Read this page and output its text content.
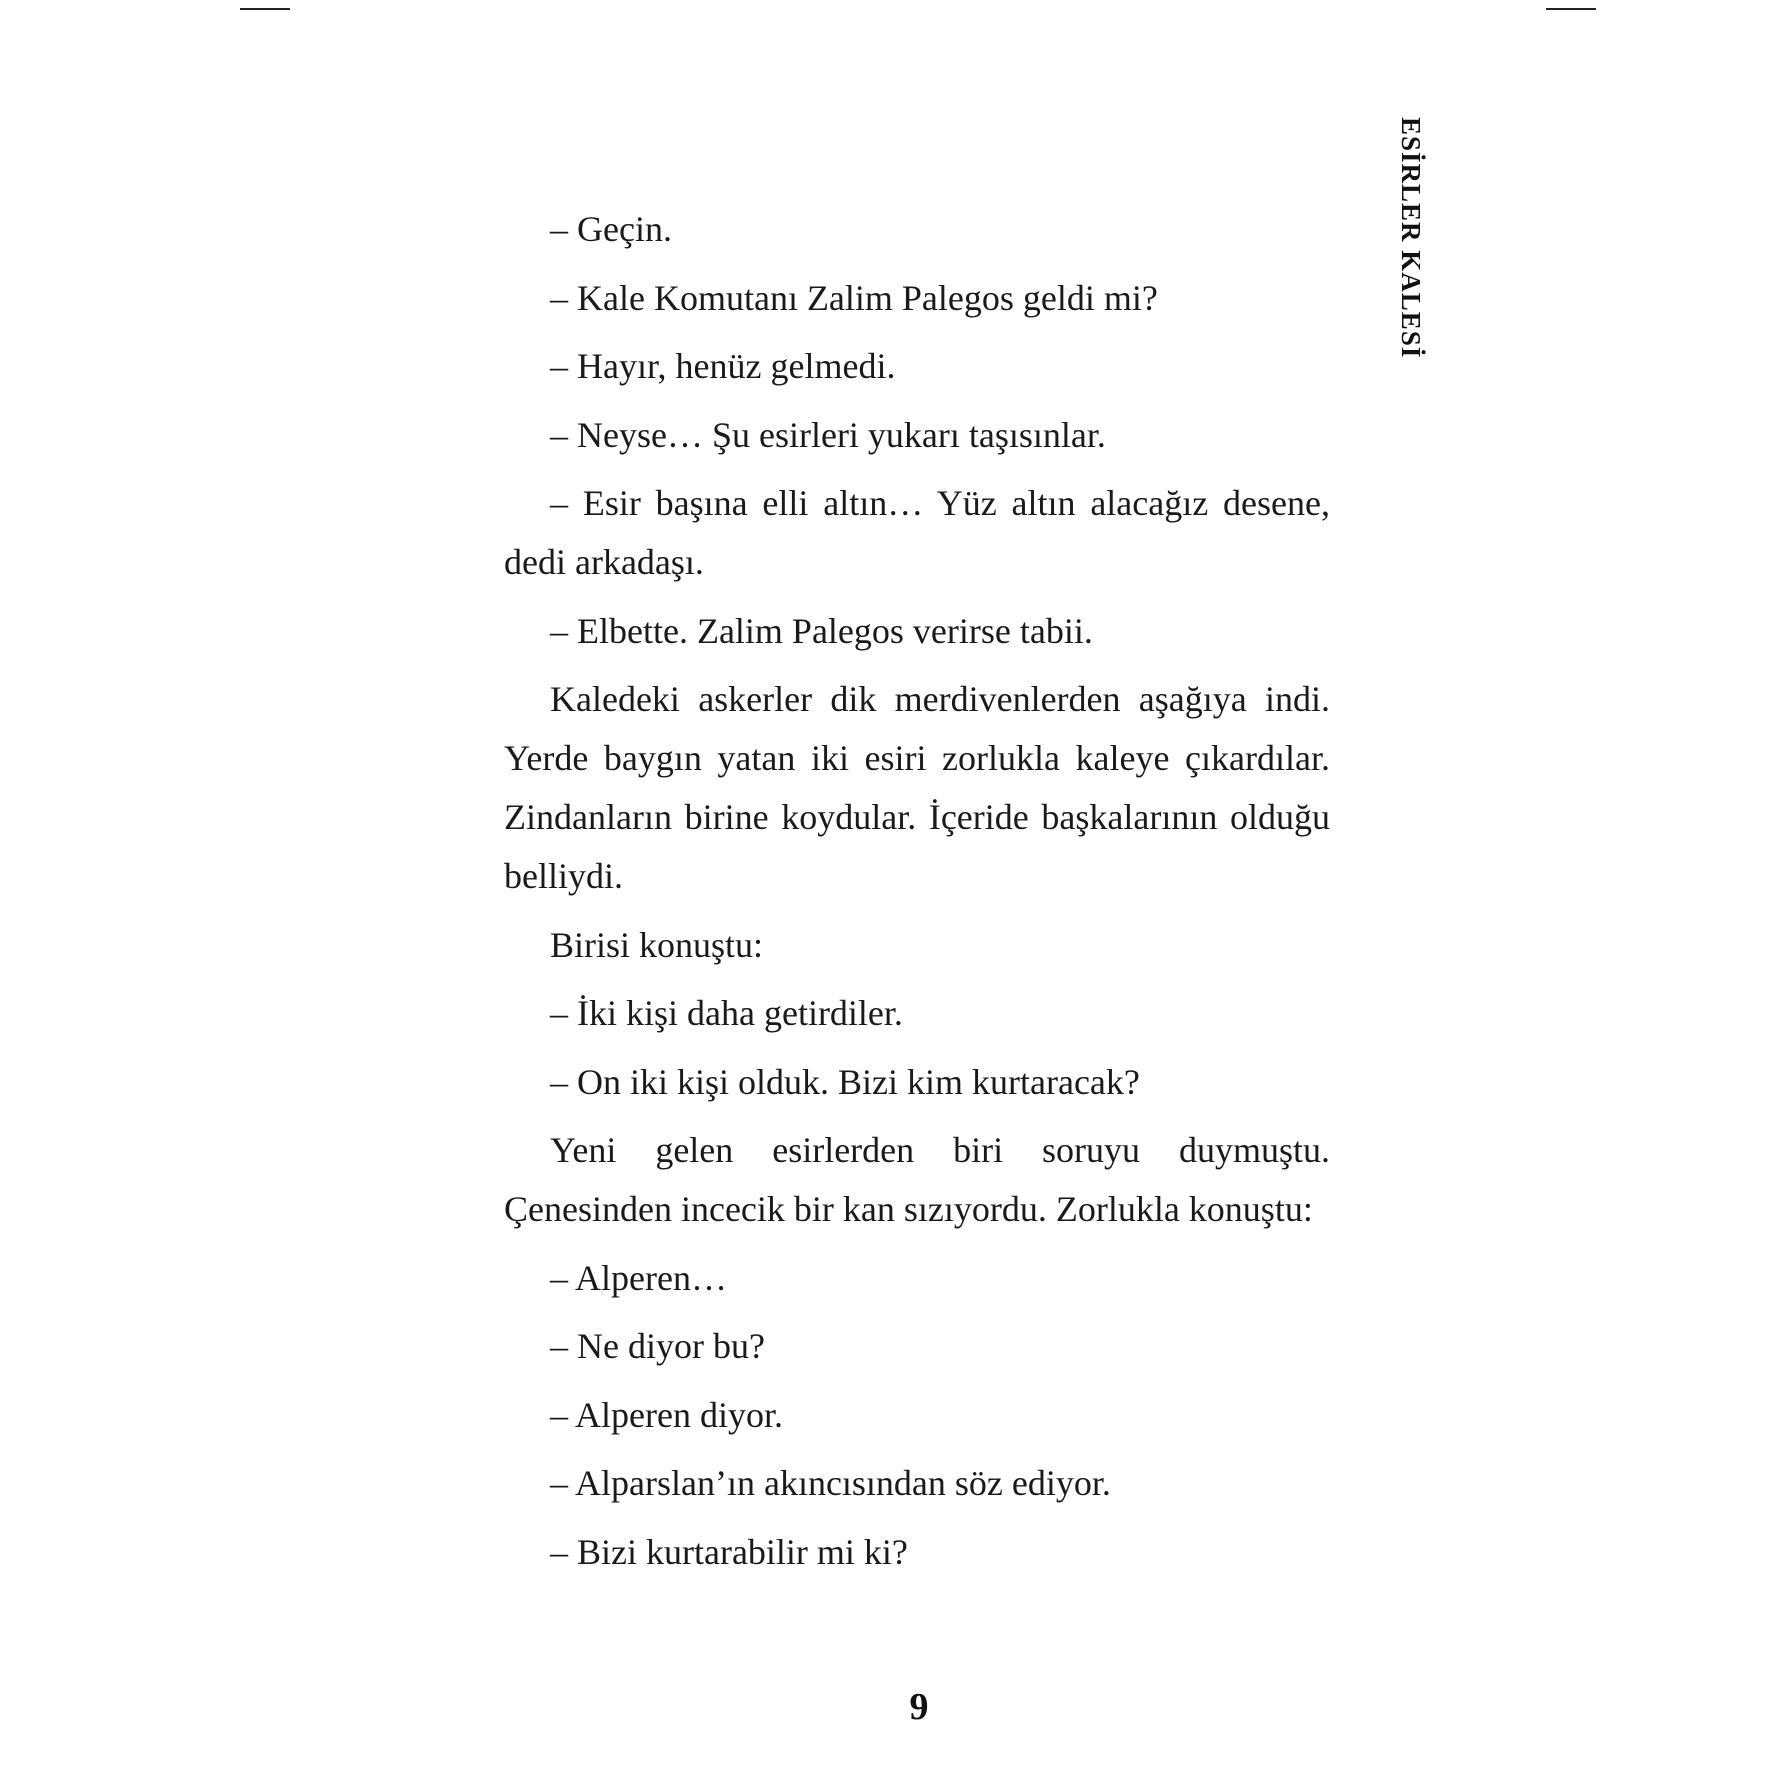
ESİRLER KALESİ

– Geçin.

– Kale Komutanı Zalim Palegos geldi mi?

– Hayır, henüz gelmedi.

– Neyse… Şu esirleri yukarı taşısınlar.

– Esir başına elli altın… Yüz altın alacağız desene, dedi arkadaşı.

– Elbette. Zalim Palegos verirse tabii.

Kaledeki askerler dik merdivenlerden aşağıya indi. Yerde baygın yatan iki esiri zorlukla kaleye çıkardılar. Zindanların birine koydular. İçeride başkalarının olduğu belliydi.

Birisi konuştu:

– İki kişi daha getirdiler.

– On iki kişi olduk. Bizi kim kurtaracak?

Yeni gelen esirlerden biri soruyu duymuştu. Çenesinden incecik bir kan sızıyordu. Zorlukla konuştu:

– Alperen…

– Ne diyor bu?

– Alperen diyor.

– Alparslan’ın akıncısından söz ediyor.

– Bizi kurtarabilir mi ki?

9
